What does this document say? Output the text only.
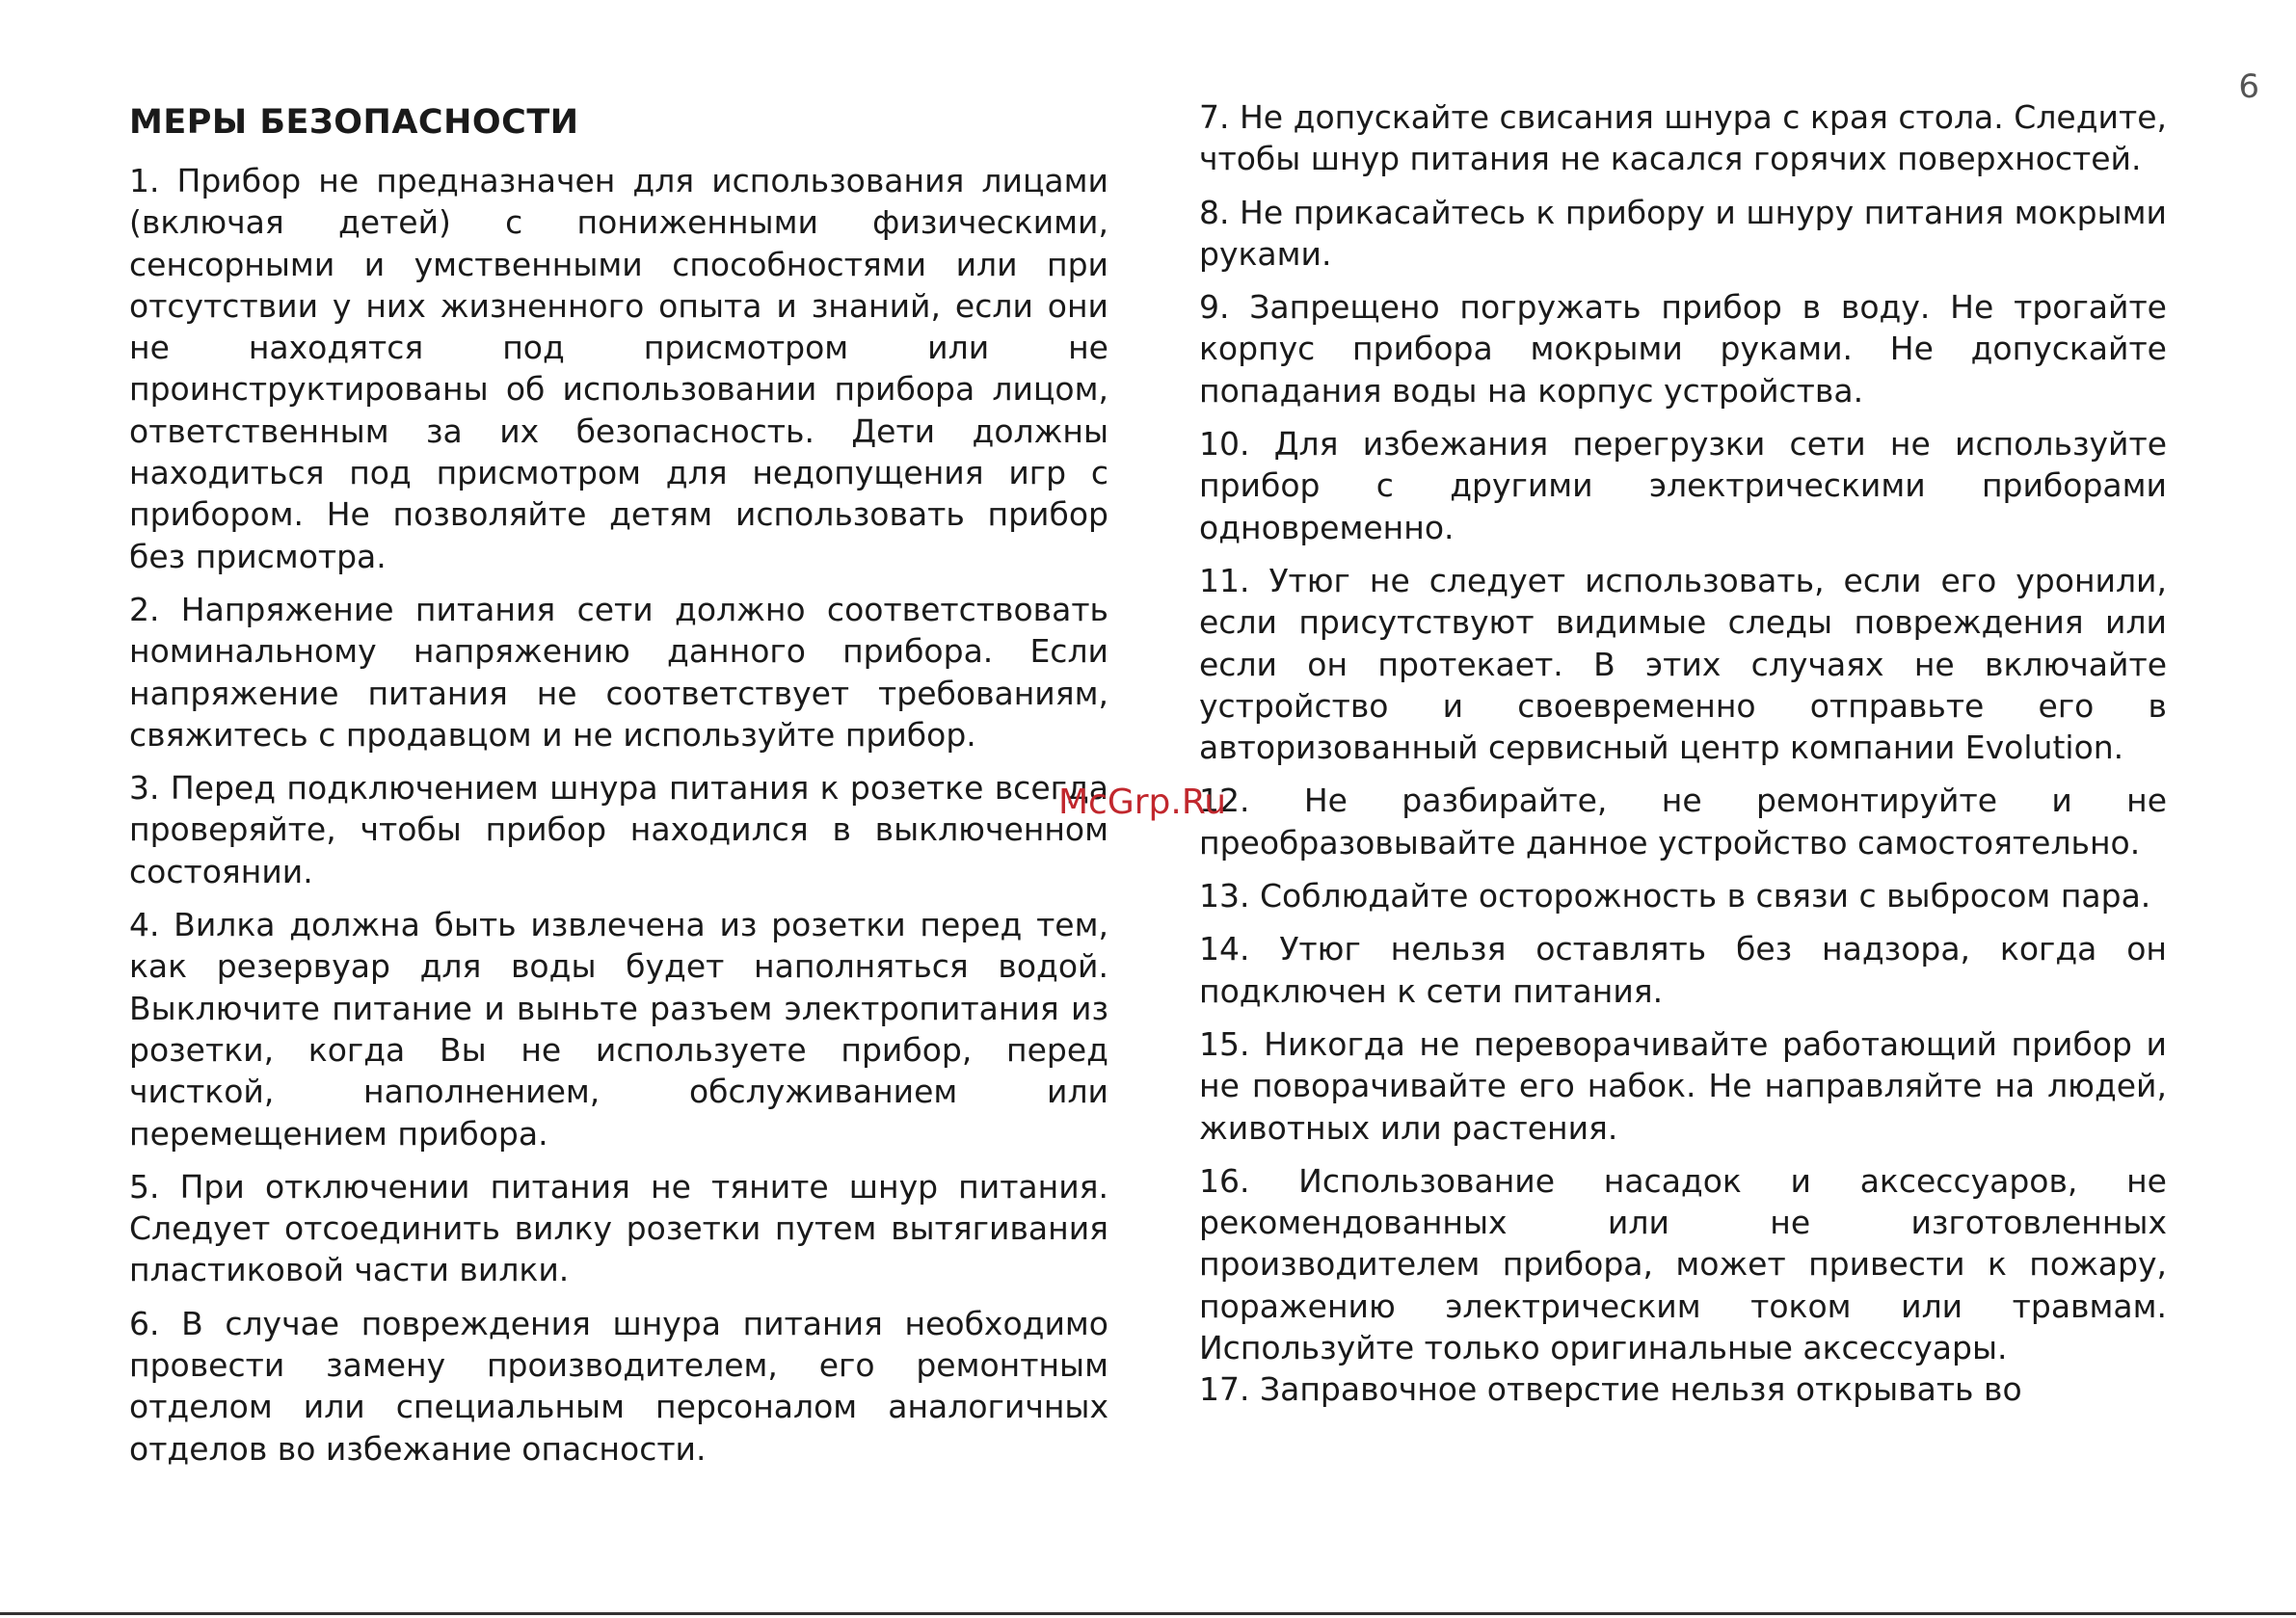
6
МЕРЫ БЕЗОПАСНОСТИ

1. Прибор не предназначен для использования лицами (включая детей) с пониженными физическими, сенсорными и умственными способностями или при отсутствии у них жизненного опыта и знаний, если они не находятся под присмотром или не проинструктированы об использовании прибора лицом, ответственным за их безопасность. Дети должны находиться под присмотром для недопущения игр с прибором. Не позволяйте детям использовать прибор без присмотра.

2. Напряжение питания сети должно соответствовать номинальному напряжению данного прибора. Если напряжение питания не соответствует требованиям, свяжитесь с продавцом и не используйте прибор.

3. Перед подключением шнура питания к розетке всегда проверяйте, чтобы прибор находился в выключенном состоянии.

4. Вилка должна быть извлечена из розетки перед тем, как резервуар для воды будет наполняться водой. Выключите питание и выньте разъем электропитания из розетки, когда Вы не используете прибор, перед чисткой, наполнением, обслуживанием или перемещением прибора.

5. При отключении питания не тяните шнур питания. Следует отсоединить вилку розетки путем вытягивания пластиковой части вилки.

6. В случае повреждения шнура питания необходимо провести замену производителем, его ремонтным отделом или специальным персоналом аналогичных отделов во избежание опасности.

7. Не допускайте свисания шнура с края стола. Следите, чтобы шнур питания не касался горячих поверхностей.

8. Не прикасайтесь к прибору и шнуру питания мокрыми руками.

9. Запрещено погружать прибор в воду. Не трогайте корпус прибора мокрыми руками. Не допускайте попадания воды на корпус устройства.

10. Для избежания перегрузки сети не используйте прибор с другими электрическими приборами одновременно.

11. Утюг не следует использовать, если его уронили, если присутствуют видимые следы повреждения или если он протекает. В этих случаях не включайте устройство и своевременно отправьте его в авторизованный сервисный центр компании Evolution.

12. Не разбирайте, не ремонтируйте и не преобразовывайте данное устройство самостоятельно.

13. Соблюдайте осторожность в связи с выбросом пара.

14. Утюг нельзя оставлять без надзора, когда он подключен к сети питания.

15. Никогда не переворачивайте работающий прибор и не поворачивайте его набок. Не направляйте на людей, животных или растения.

16. Использование насадок и аксессуаров, не рекомендованных или не изготовленных производителем прибора, может привести к пожару, поражению электрическим током или травмам. Используйте только оригинальные аксессуары.

17. Заправочное отверстие нельзя открывать во

McGrp.Ru
